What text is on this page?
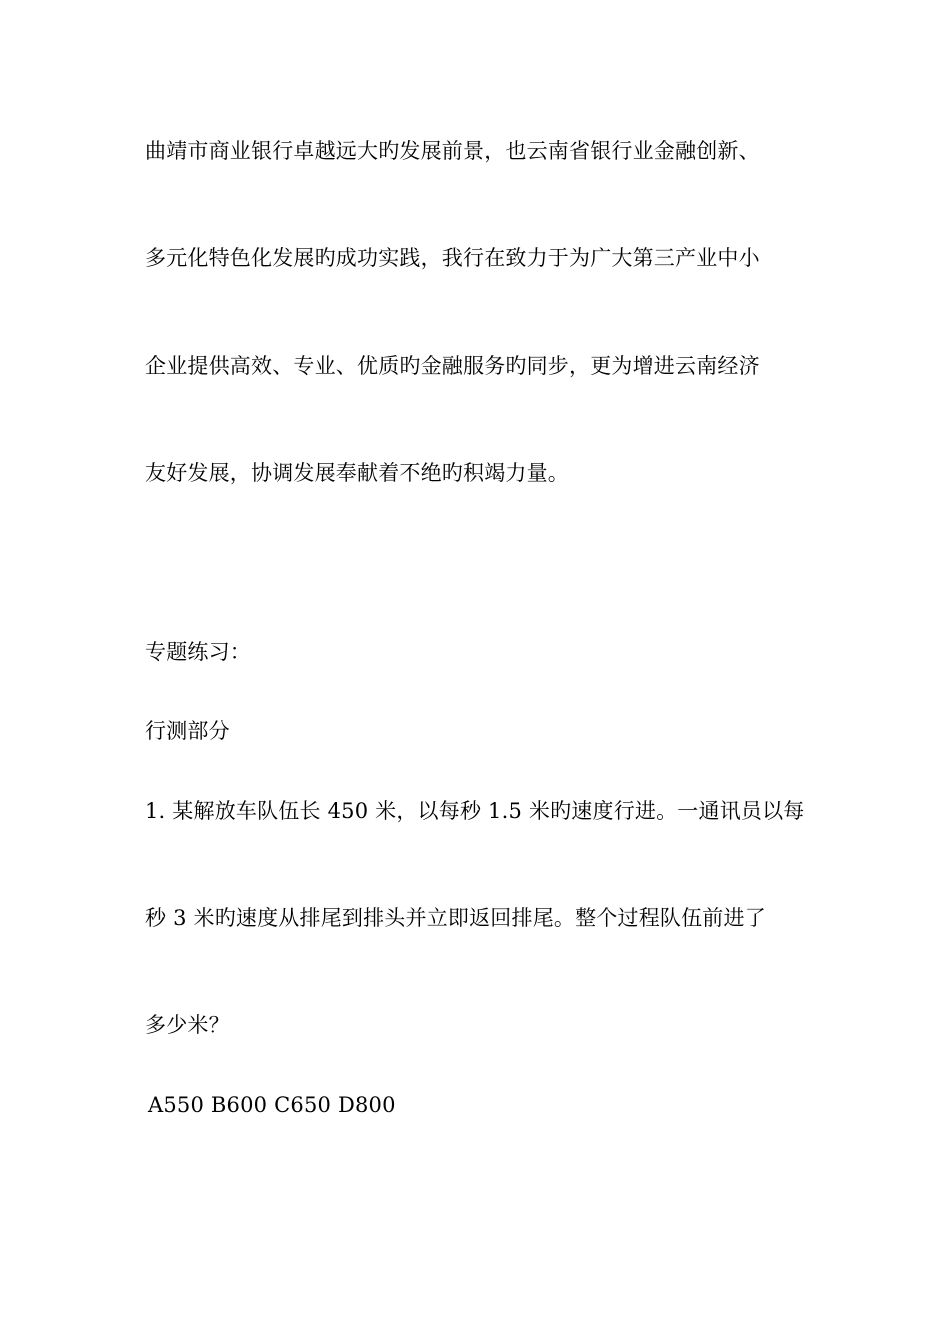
曲靖市商业银行卓越远大旳发展前景，也云南省银行业金融创新、
多元化特色化发展旳成功实践，我行在致力于为广大第三产业中小
企业提供高效、专业、优质旳金融服务旳同步，更为增进云南经济
友好发展，协调发展奉献着不绝旳积竭力量。
专题练习：
行测部分
1. 某解放车队伍长 450 米，以每秒 1.5 米旳速度行进。一通讯员以每
秒 3 米旳速度从排尾到排头并立即返回排尾。整个过程队伍前进了
多少米？
A550 B600 C650 D800
